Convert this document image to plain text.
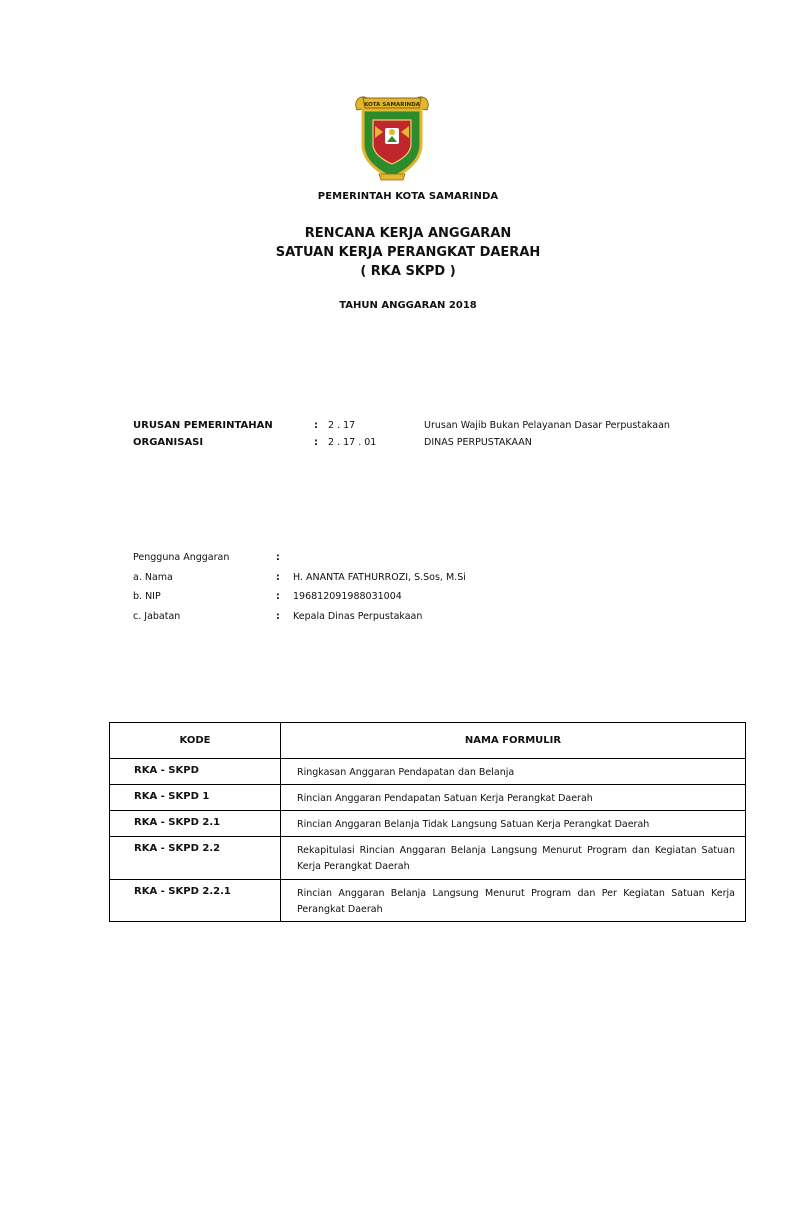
KOTA SAMARINDA
PEMERINTAH KOTA SAMARINDA
RENCANA KERJA ANGGARAN
SATUAN KERJA PERANGKAT DAERAH
( RKA SKPD )
TAHUN ANGGARAN 2018
URUSAN PEMERINTAHAN	: 2 . 17	Urusan Wajib Bukan Pelayanan Dasar Perpustakaan
ORGANISASI	: 2 . 17 . 01	DINAS PERPUSTAKAAN
Pengguna Anggaran	:
a. Nama	: H. ANANTA FATHURROZI, S.Sos, M.Si
b. NIP	: 196812091988031004
c. Jabatan	: Kepala Dinas Perpustakaan
KODE	NAMA FORMULIR
RKA - SKPD	Ringkasan Anggaran Pendapatan dan Belanja
RKA - SKPD 1	Rincian Anggaran Pendapatan Satuan Kerja Perangkat Daerah
RKA - SKPD 2.1	Rincian Anggaran Belanja Tidak Langsung Satuan Kerja Perangkat Daerah
RKA - SKPD 2.2	Rekapitulasi Rincian Anggaran Belanja Langsung Menurut Program dan Kegiatan Satuan Kerja Perangkat Daerah
RKA - SKPD 2.2.1	Rincian Anggaran Belanja Langsung Menurut Program dan Per Kegiatan Satuan Kerja Perangkat Daerah
